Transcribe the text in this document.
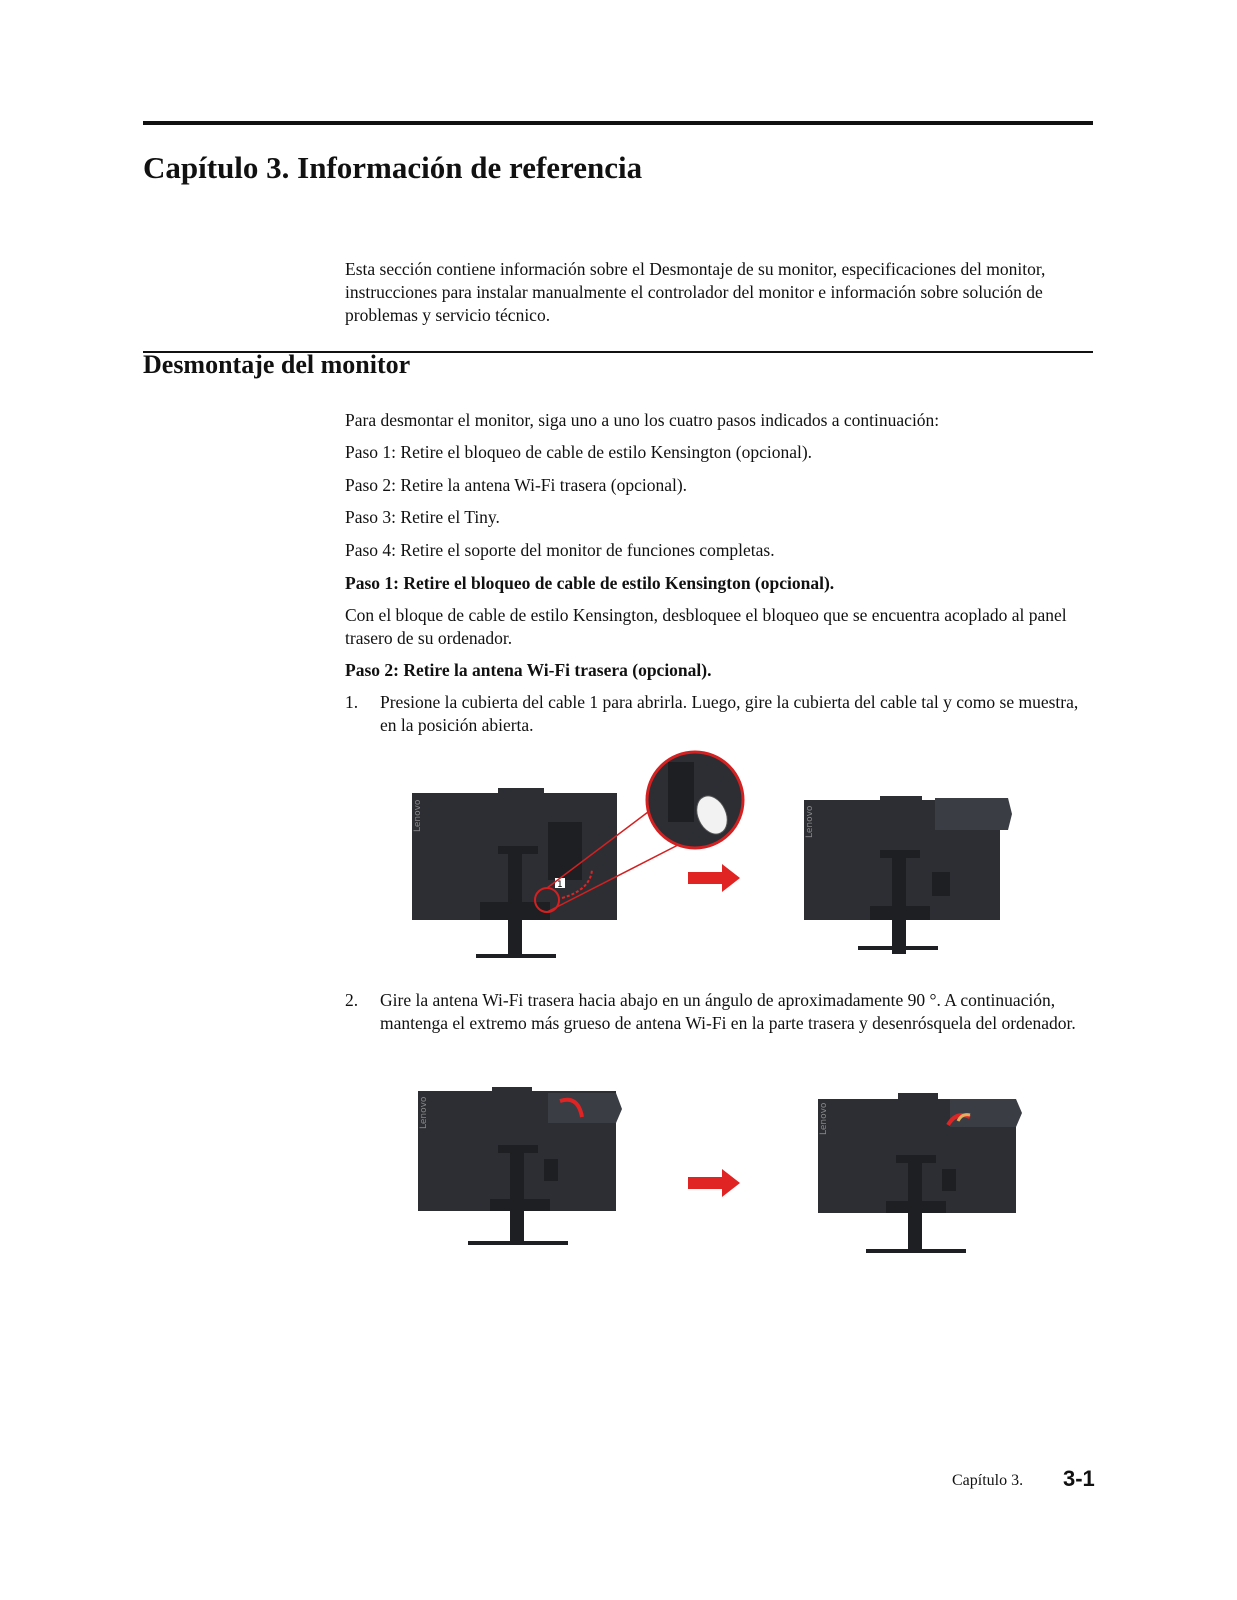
Capítulo 3. Información de referencia

Esta sección contiene información sobre el Desmontaje de su monitor, especificaciones del monitor, instrucciones para instalar manualmente el controlador del monitor e información sobre solución de problemas y servicio técnico.

Desmontaje del monitor

Para desmontar el monitor, siga uno a uno los cuatro pasos indicados a continuación:

Paso 1: Retire el bloqueo de cable de estilo Kensington (opcional).

Paso 2: Retire la antena Wi-Fi trasera (opcional).

Paso 3: Retire el Tiny.

Paso 4: Retire el soporte del monitor de funciones completas.

Paso 1: Retire el bloqueo de cable de estilo Kensington (opcional).

Con el bloque de cable de estilo Kensington, desbloquee el bloqueo que se encuentra acoplado al panel trasero de su ordenador.

Paso 2: Retire la antena Wi-Fi trasera (opcional).

1. Presione la cubierta del cable 1 para abrirla. Luego, gire la cubierta del cable tal y como se muestra, en la posición abierta.
Lenovo
1
Lenovo
2. Gire la antena Wi-Fi trasera hacia abajo en un ángulo de aproximadamente 90 °. A continuación, mantenga el extremo más grueso de antena Wi-Fi en la parte trasera y desenrósquela del ordenador.
Lenovo	Lenovo
Capítulo 3. 3-1
